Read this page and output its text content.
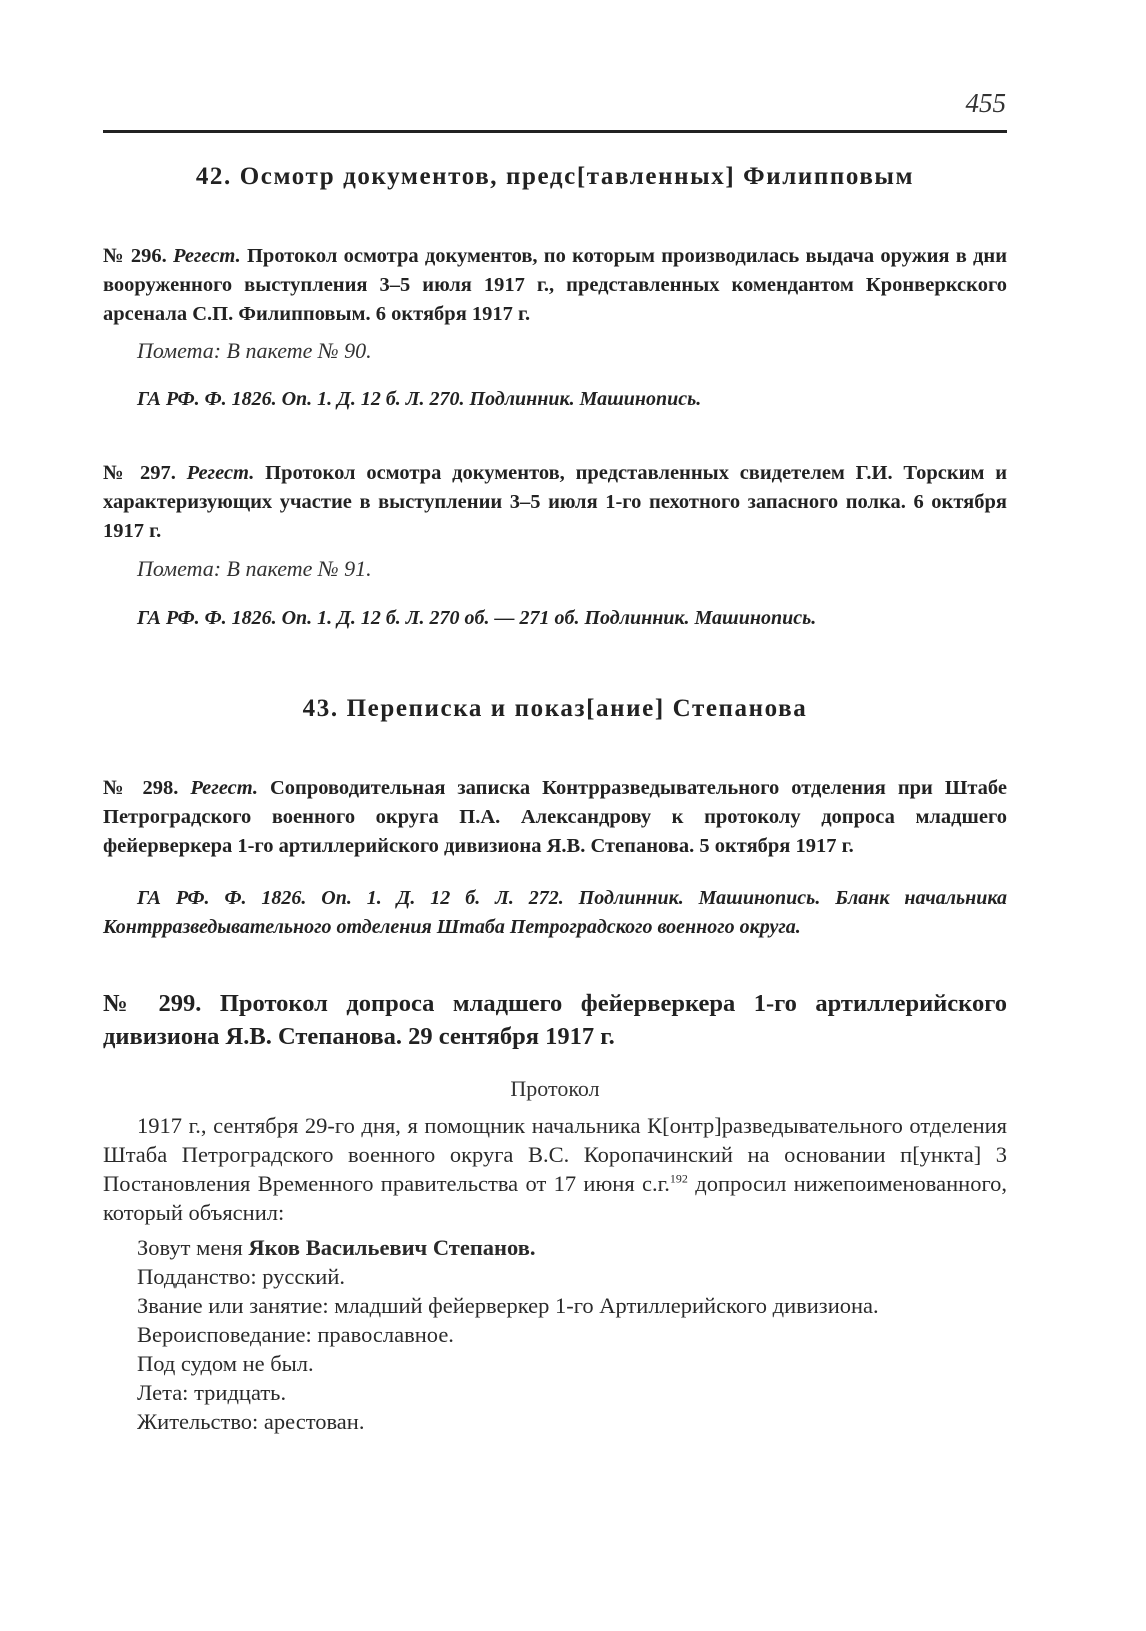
455
42. Осмотр документов, предс[тавленных] Филипповым
№ 296. Регест. Протокол осмотра документов, по которым производилась выдача оружия в дни вооруженного выступления 3–5 июля 1917 г., представленных комендантом Кронверкского арсенала С.П. Филипповым. 6 октября 1917 г.
Помета: В пакете № 90.
ГА РФ. Ф. 1826. Оп. 1. Д. 12 б. Л. 270. Подлинник. Машинопись.
№ 297. Регест. Протокол осмотра документов, представленных свидетелем Г.И. Торским и характеризующих участие в выступлении 3–5 июля 1-го пехотного запасного полка. 6 октября 1917 г.
Помета: В пакете № 91.
ГА РФ. Ф. 1826. Оп. 1. Д. 12 б. Л. 270 об. — 271 об. Подлинник. Машинопись.
43. Переписка и показ[ание] Степанова
№ 298. Регест. Сопроводительная записка Контрразведывательного отделения при Штабе Петроградского военного округа П.А. Александрову к протоколу допроса младшего фейерверкера 1-го артиллерийского дивизиона Я.В. Степанова. 5 октября 1917 г.
ГА РФ. Ф. 1826. Оп. 1. Д. 12 б. Л. 272. Подлинник. Машинопись. Бланк начальника Контрразведывательного отделения Штаба Петроградского военного округа.
№ 299. Протокол допроса младшего фейерверкера 1-го артиллерийского дивизиона Я.В. Степанова. 29 сентября 1917 г.
Протокол
1917 г., сентября 29-го дня, я помощник начальника К[онтр]разведывательного отделения Штаба Петроградского военного округа В.С. Коропачинский на основании п[ункта] 3 Постановления Временного правительства от 17 июня с.г.$^{192}$ допросил нижепоименованного, который объяснил:
Зовут меня Яков Васильевич Степанов.
Подданство: русский.
Звание или занятие: младший фейерверкер 1-го Артиллерийского дивизиона.
Вероисповедание: православное.
Под судом не был.
Лета: тридцать.
Жительство: арестован.
